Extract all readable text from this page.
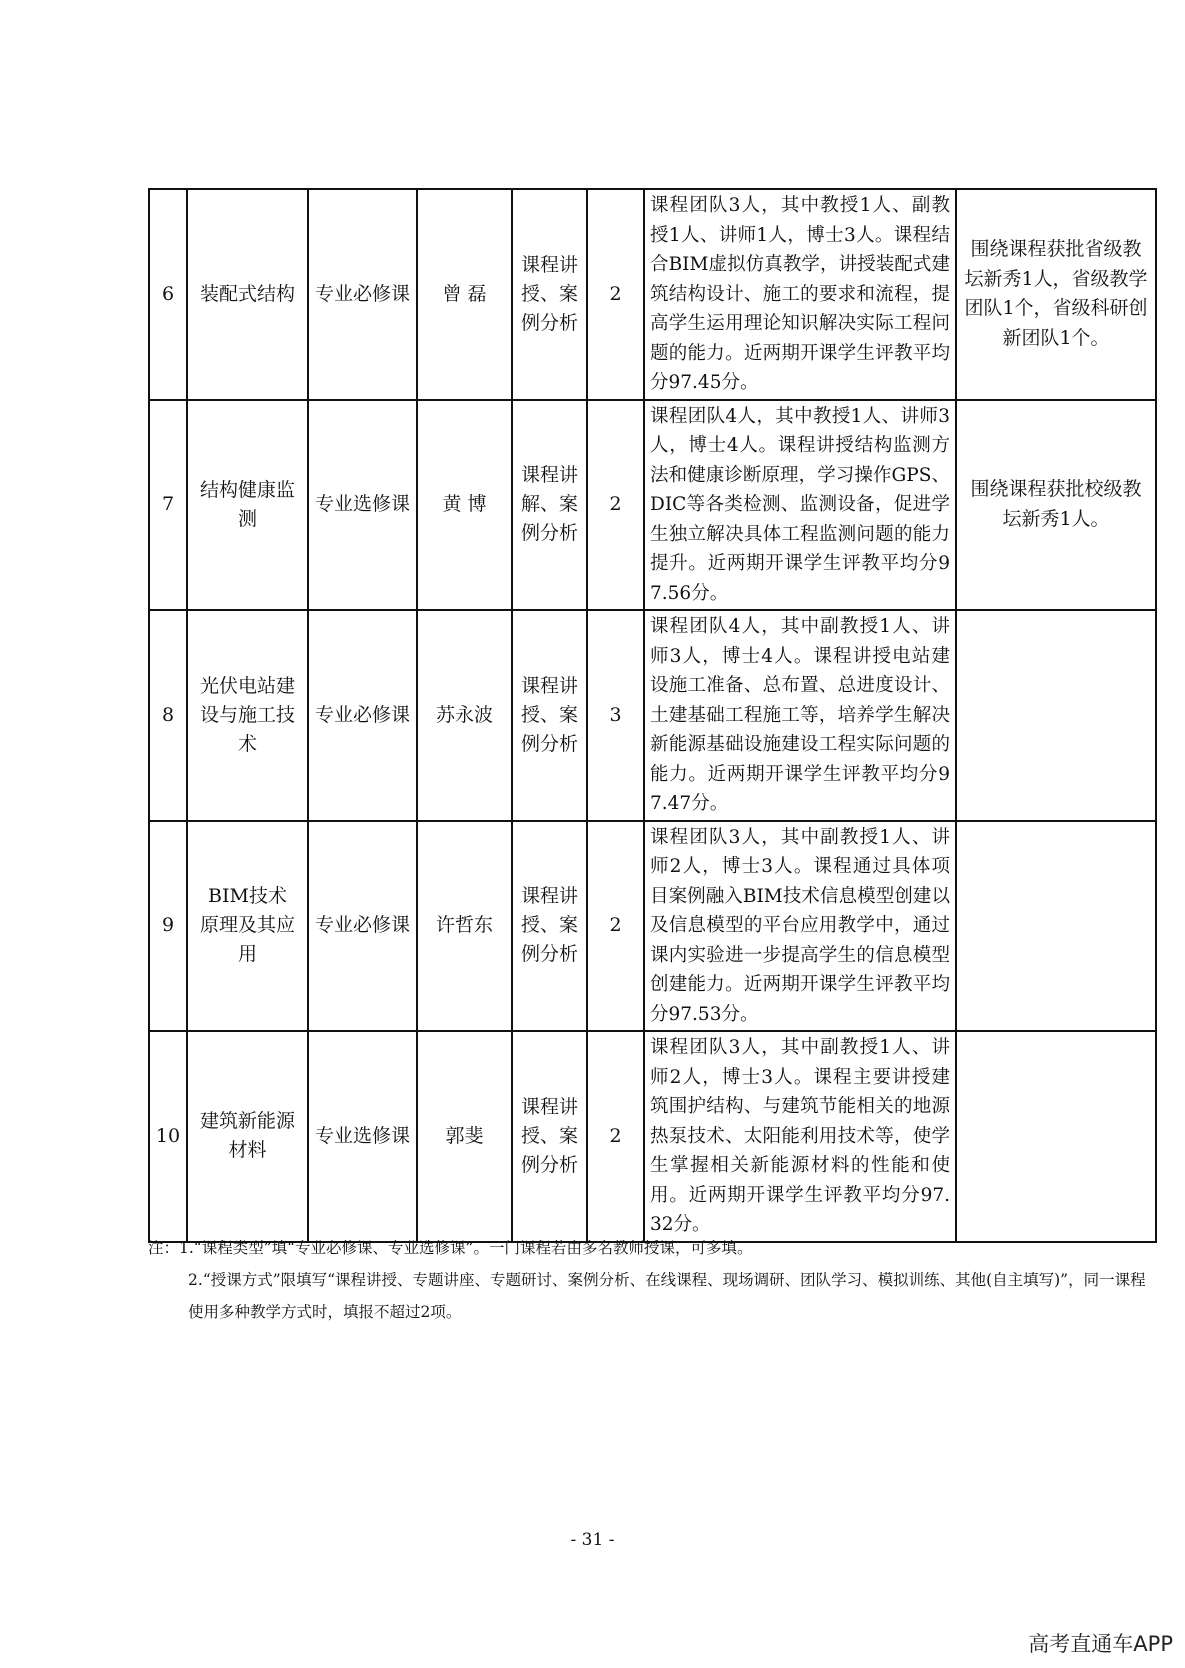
6	装配式结构	专业必修课	曾 磊	课程讲授、案例分析	2	课程团队3人，其中教授1人、副教授1人、讲师1人，博士3人。课程结合BIM虚拟仿真教学，讲授装配式建筑结构设计、施工的要求和流程，提高学生运用理论知识解决实际工程问题的能力。近两期开课学生评教平均分97.45分。	围绕课程获批省级教坛新秀1人，省级教学团队1个，省级科研创新团队1个。
7	结构健康监测	专业选修课	黄 博	课程讲解、案例分析	2	课程团队4人，其中教授1人、讲师3人，博士4人。课程讲授结构监测方法和健康诊断原理，学习操作GPS、DIC等各类检测、监测设备，促进学生独立解决具体工程监测问题的能力提升。近两期开课学生评教平均分97.56分。	围绕课程获批校级教坛新秀1人。
8	光伏电站建设与施工技术	专业必修课	苏永波	课程讲授、案例分析	3	课程团队4人，其中副教授1人、讲师3人，博士4人。课程讲授电站建设施工准备、总布置、总进度设计、土建基础工程施工等，培养学生解决新能源基础设施建设工程实际问题的能力。近两期开课学生评教平均分97.47分。	
9	BIM技术原理及其应用	专业必修课	许哲东	课程讲授、案例分析	2	课程团队3人，其中副教授1人、讲师2人，博士3人。课程通过具体项目案例融入BIM技术信息模型创建以及信息模型的平台应用教学中，通过课内实验进一步提高学生的信息模型创建能力。近两期开课学生评教平均分97.53分。	
10	建筑新能源材料	专业选修课	郭斐	课程讲授、案例分析	2	课程团队3人，其中副教授1人、讲师2人，博士3人。课程主要讲授建筑围护结构、与建筑节能相关的地源热泵技术、太阳能利用技术等，使学生掌握相关新能源材料的性能和使用。近两期开课学生评教平均分97.32分。	

注：1.“课程类型”填“专业必修课、专业选修课”。一门课程若由多名教师授课，可多填。

2.“授课方式”限填写“课程讲授、专题讲座、专题研讨、案例分析、在线课程、现场调研、团队学习、模拟训练、其他(自主填写)”，同一课程使用多种教学方式时，填报不超过2项。

- 31 -
高考直通车APP
